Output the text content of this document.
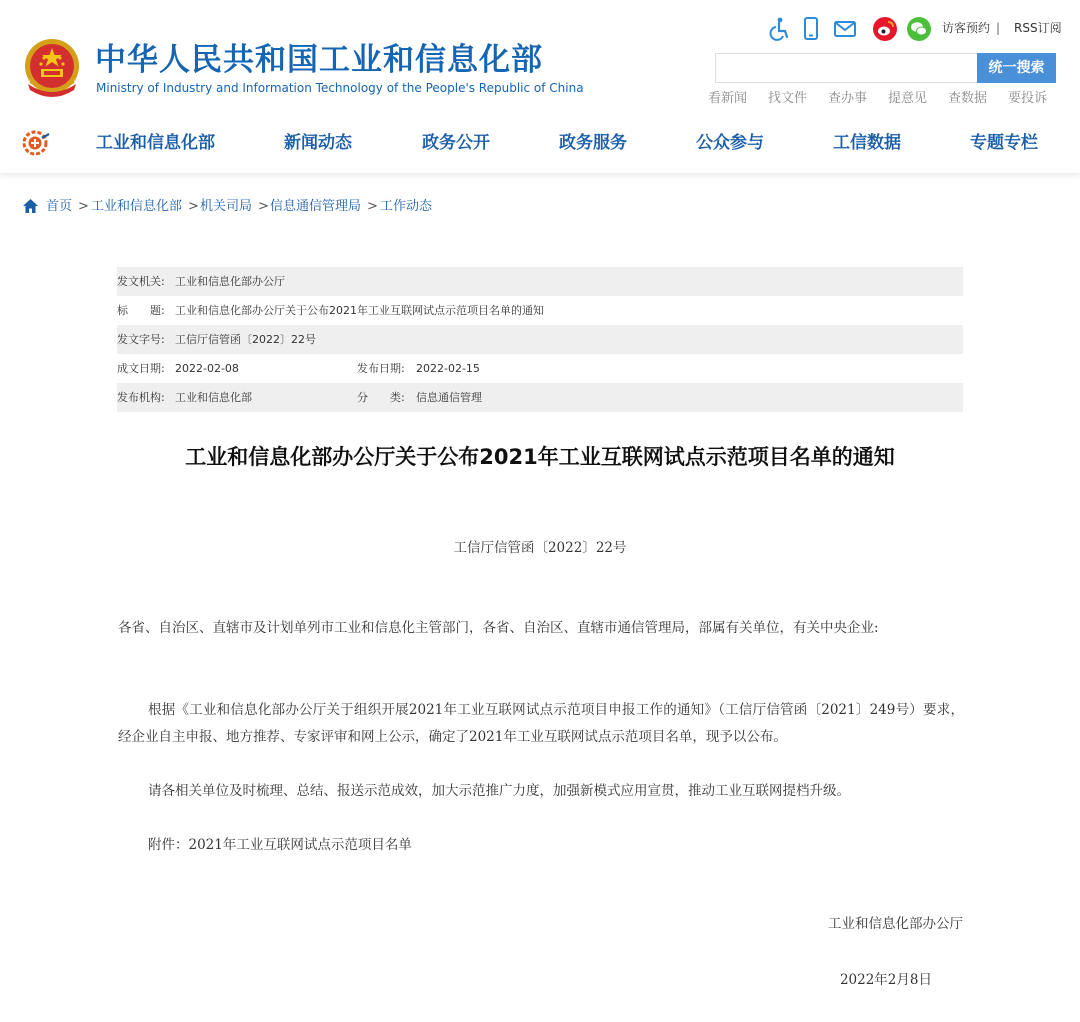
中华人民共和国工业和信息化部
Ministry of Industry and Information Technology of the People's Republic of China
访客预约 | RSS订阅
统一搜索
看新闻 找文件 查办事 提意见 查数据 要投诉
工业和信息化部	新闻动态	政务公开	政务服务	公众参与	工信数据	专题专栏
首页 > 工业和信息化部 > 机关司局 > 信息通信管理局 > 工作动态
发文机关: 工业和信息化部办公厅
标　　题: 工业和信息化部办公厅关于公布2021年工业互联网试点示范项目名单的通知
发文字号: 工信厅信管函〔2022〕22号
成文日期: 2022-02-08	发布日期: 2022-02-15
发布机构: 工业和信息化部	分　　类: 信息通信管理
工业和信息化部办公厅关于公布2021年工业互联网试点示范项目名单的通知
工信厅信管函〔2022〕22号
各省、自治区、直辖市及计划单列市工业和信息化主管部门，各省、自治区、直辖市通信管理局，部属有关单位，有关中央企业:
根据《工业和信息化部办公厅关于组织开展2021年工业互联网试点示范项目申报工作的通知》（工信厅信管函〔2021〕249号）要求，经企业自主申报、地方推荐、专家评审和网上公示，确定了2021年工业互联网试点示范项目名单，现予以公布。
请各相关单位及时梳理、总结、报送示范成效，加大示范推广力度，加强新模式应用宣贯，推动工业互联网提档升级。
附件：2021年工业互联网试点示范项目名单
工业和信息化部办公厅
2022年2月8日
